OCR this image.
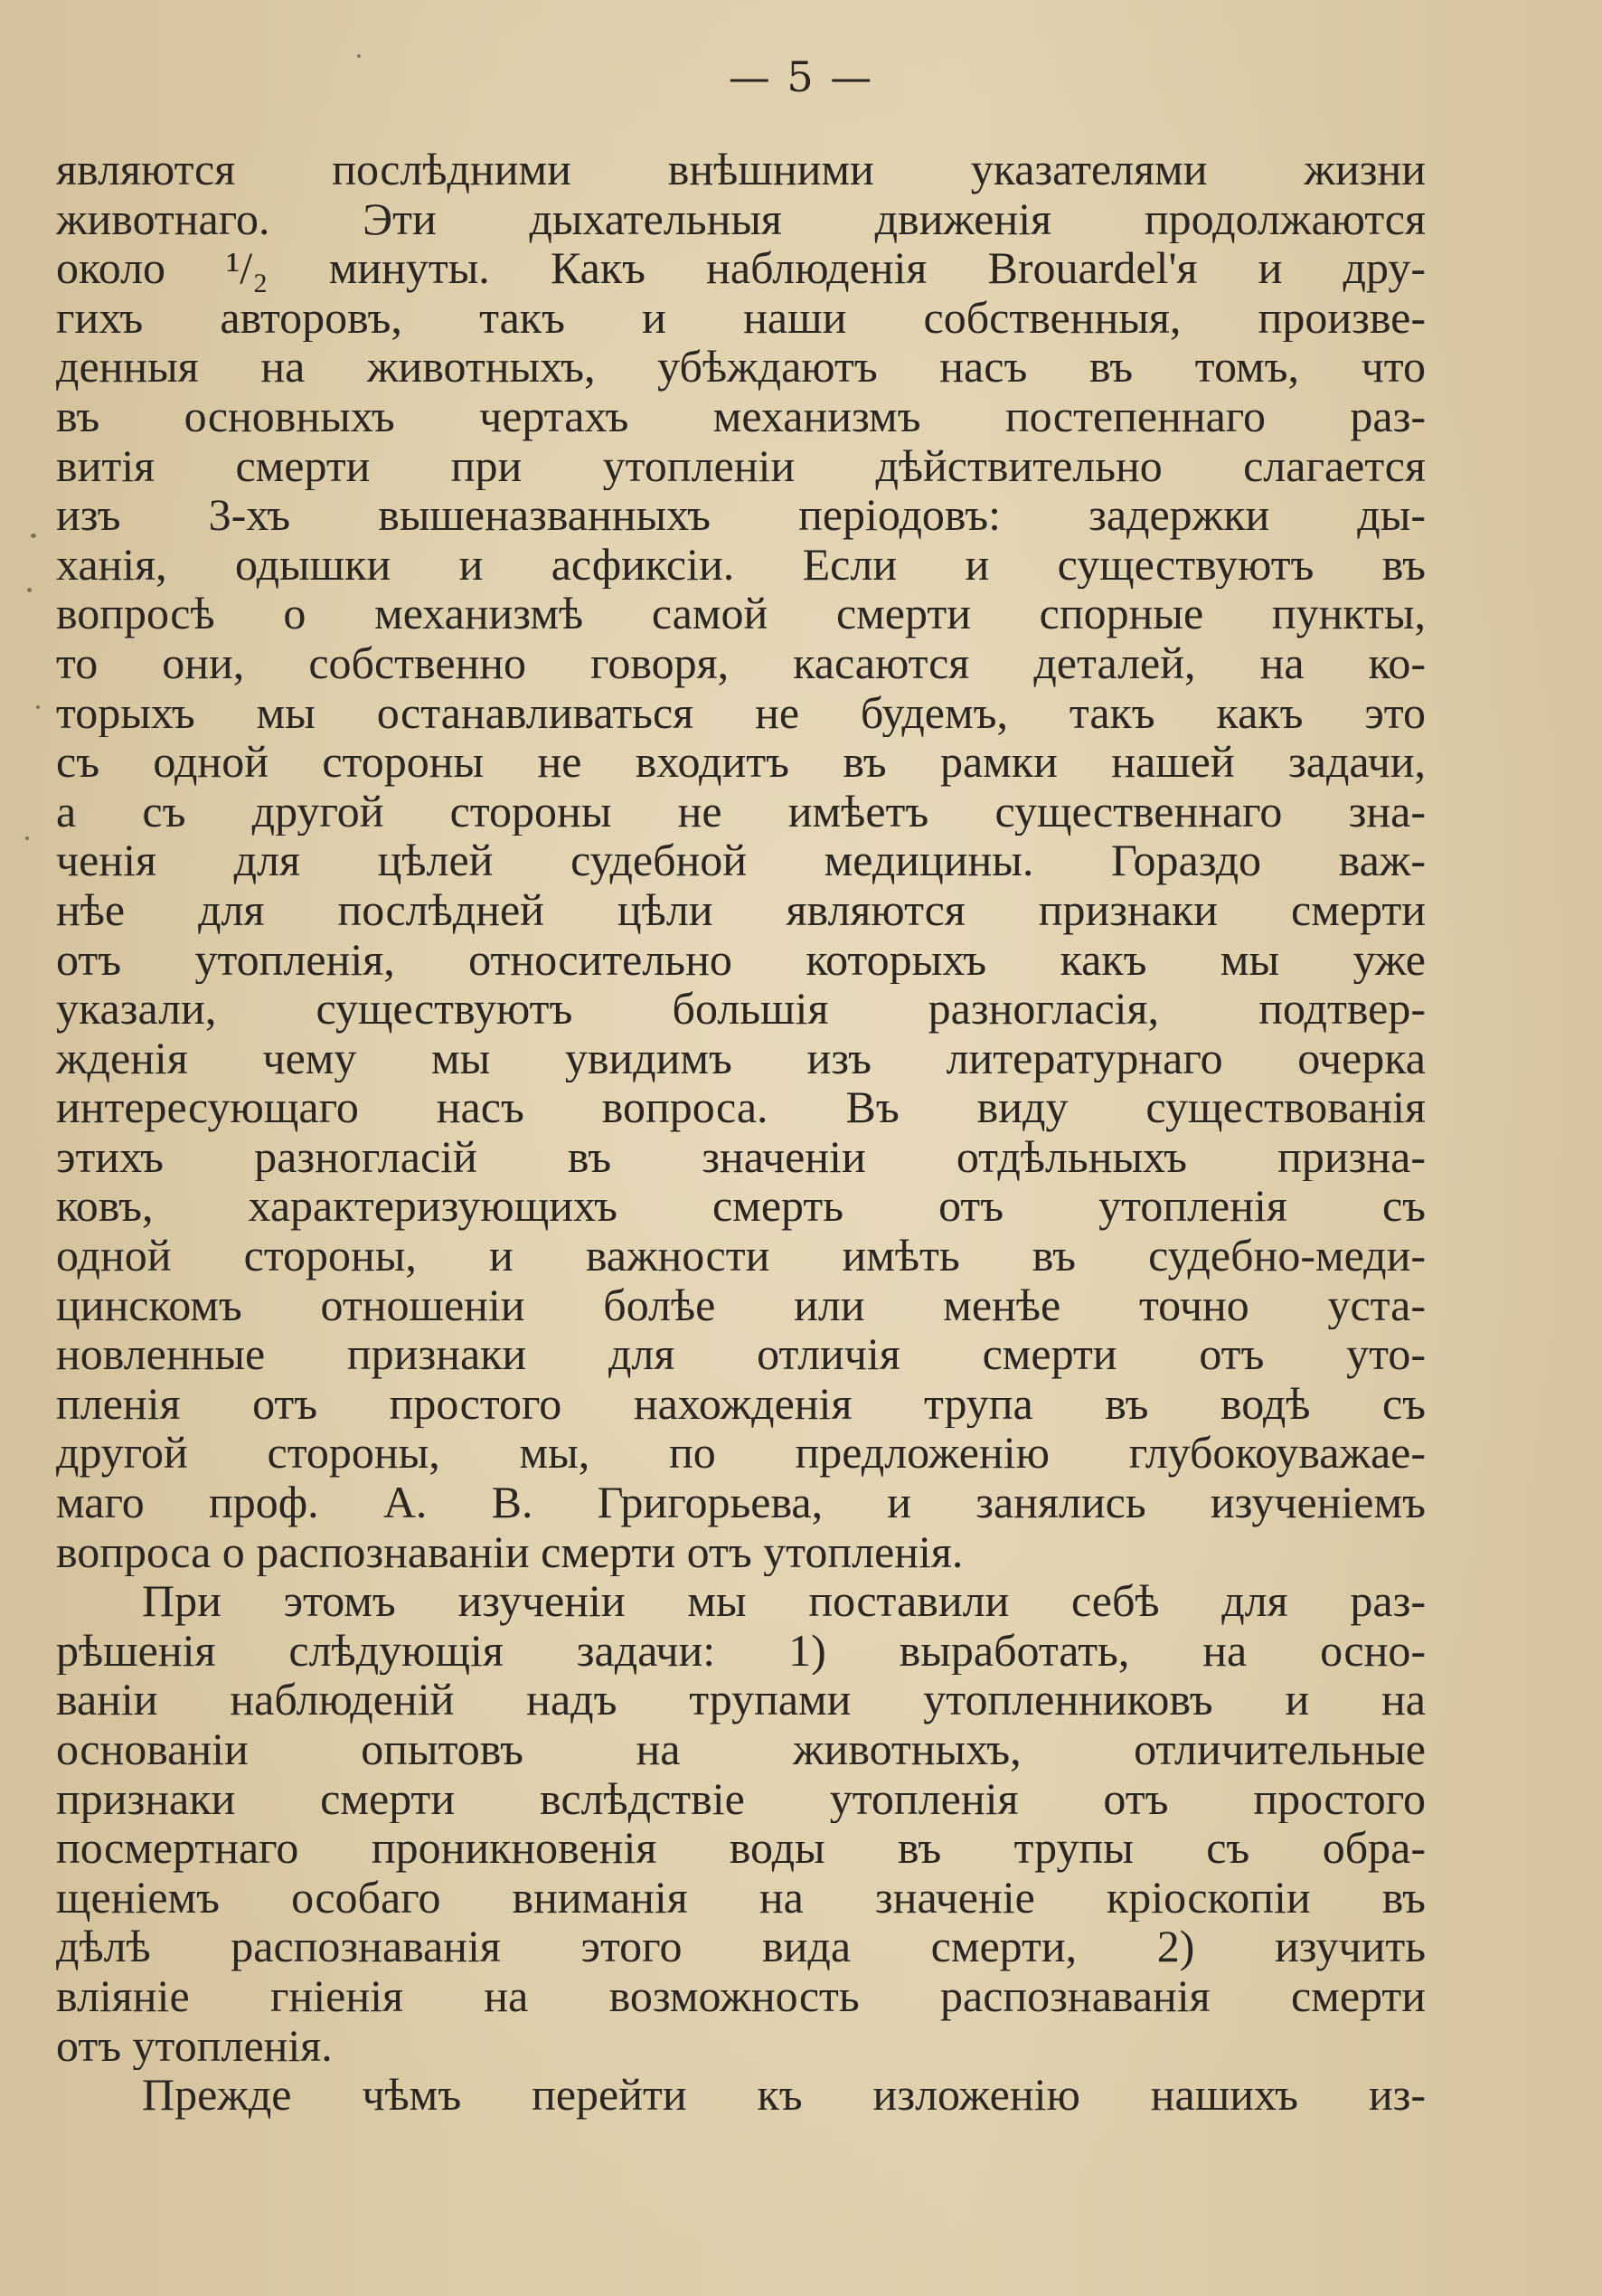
— 5 —
являются послѣдними внѣшними указателями жизни
животнаго. Эти дыхательныя движенія продолжаются
около ¹/₂ минуты. Какъ наблюденія Brouardel'я и дру-
гихъ авторовъ, такъ и наши собственныя, произве-
денныя на животныхъ, убѣждаютъ насъ въ томъ, что
въ основныхъ чертахъ механизмъ постепеннаго раз-
витія смерти при утопленіи дѣйствительно слагается
изъ 3-хъ вышеназванныхъ періодовъ: задержки ды-
ханія, одышки и асфиксіи. Если и существуютъ въ
вопросѣ о механизмѣ самой смерти спорные пункты,
то они, собственно говоря, касаются деталей, на ко-
торыхъ мы останавливаться не будемъ, такъ какъ это
съ одной стороны не входитъ въ рамки нашей задачи,
а съ другой стороны не имѣетъ существеннаго зна-
ченія для цѣлей судебной медицины. Гораздо важ-
нѣе для послѣдней цѣли являются признаки смерти
отъ утопленія, относительно которыхъ какъ мы уже
указали, существуютъ большія разногласія, подтвер-
жденія чему мы увидимъ изъ литературнаго очерка
интересующаго насъ вопроса. Въ виду существованія
этихъ разногласій въ значеніи отдѣльныхъ призна-
ковъ, характеризующихъ смерть отъ утопленія съ
одной стороны, и важности имѣть въ судебно-меди-
цинскомъ отношеніи болѣе или менѣе точно уста-
новленные признаки для отличія смерти отъ уто-
пленія отъ простого нахожденія трупа въ водѣ съ
другой стороны, мы, по предложенію глубокоуважае-
маго проф. А. В. Григорьева, и занялись изученіемъ
вопроса о распознаваніи смерти отъ утопленія.
При этомъ изученіи мы поставили себѣ для раз-
рѣшенія слѣдующія задачи: 1) выработать, на осно-
ваніи наблюденій надъ трупами утопленниковъ и на
основаніи опытовъ на животныхъ, отличительные
признаки смерти вслѣдствіе утопленія отъ простого
посмертнаго проникновенія воды въ трупы съ обра-
щеніемъ особаго вниманія на значеніе кріоскопіи въ
дѣлѣ распознаванія этого вида смерти, 2) изучить
вліяніе гніенія на возможность распознаванія смерти
отъ утопленія.
Прежде чѣмъ перейти къ изложенію нашихъ из-
